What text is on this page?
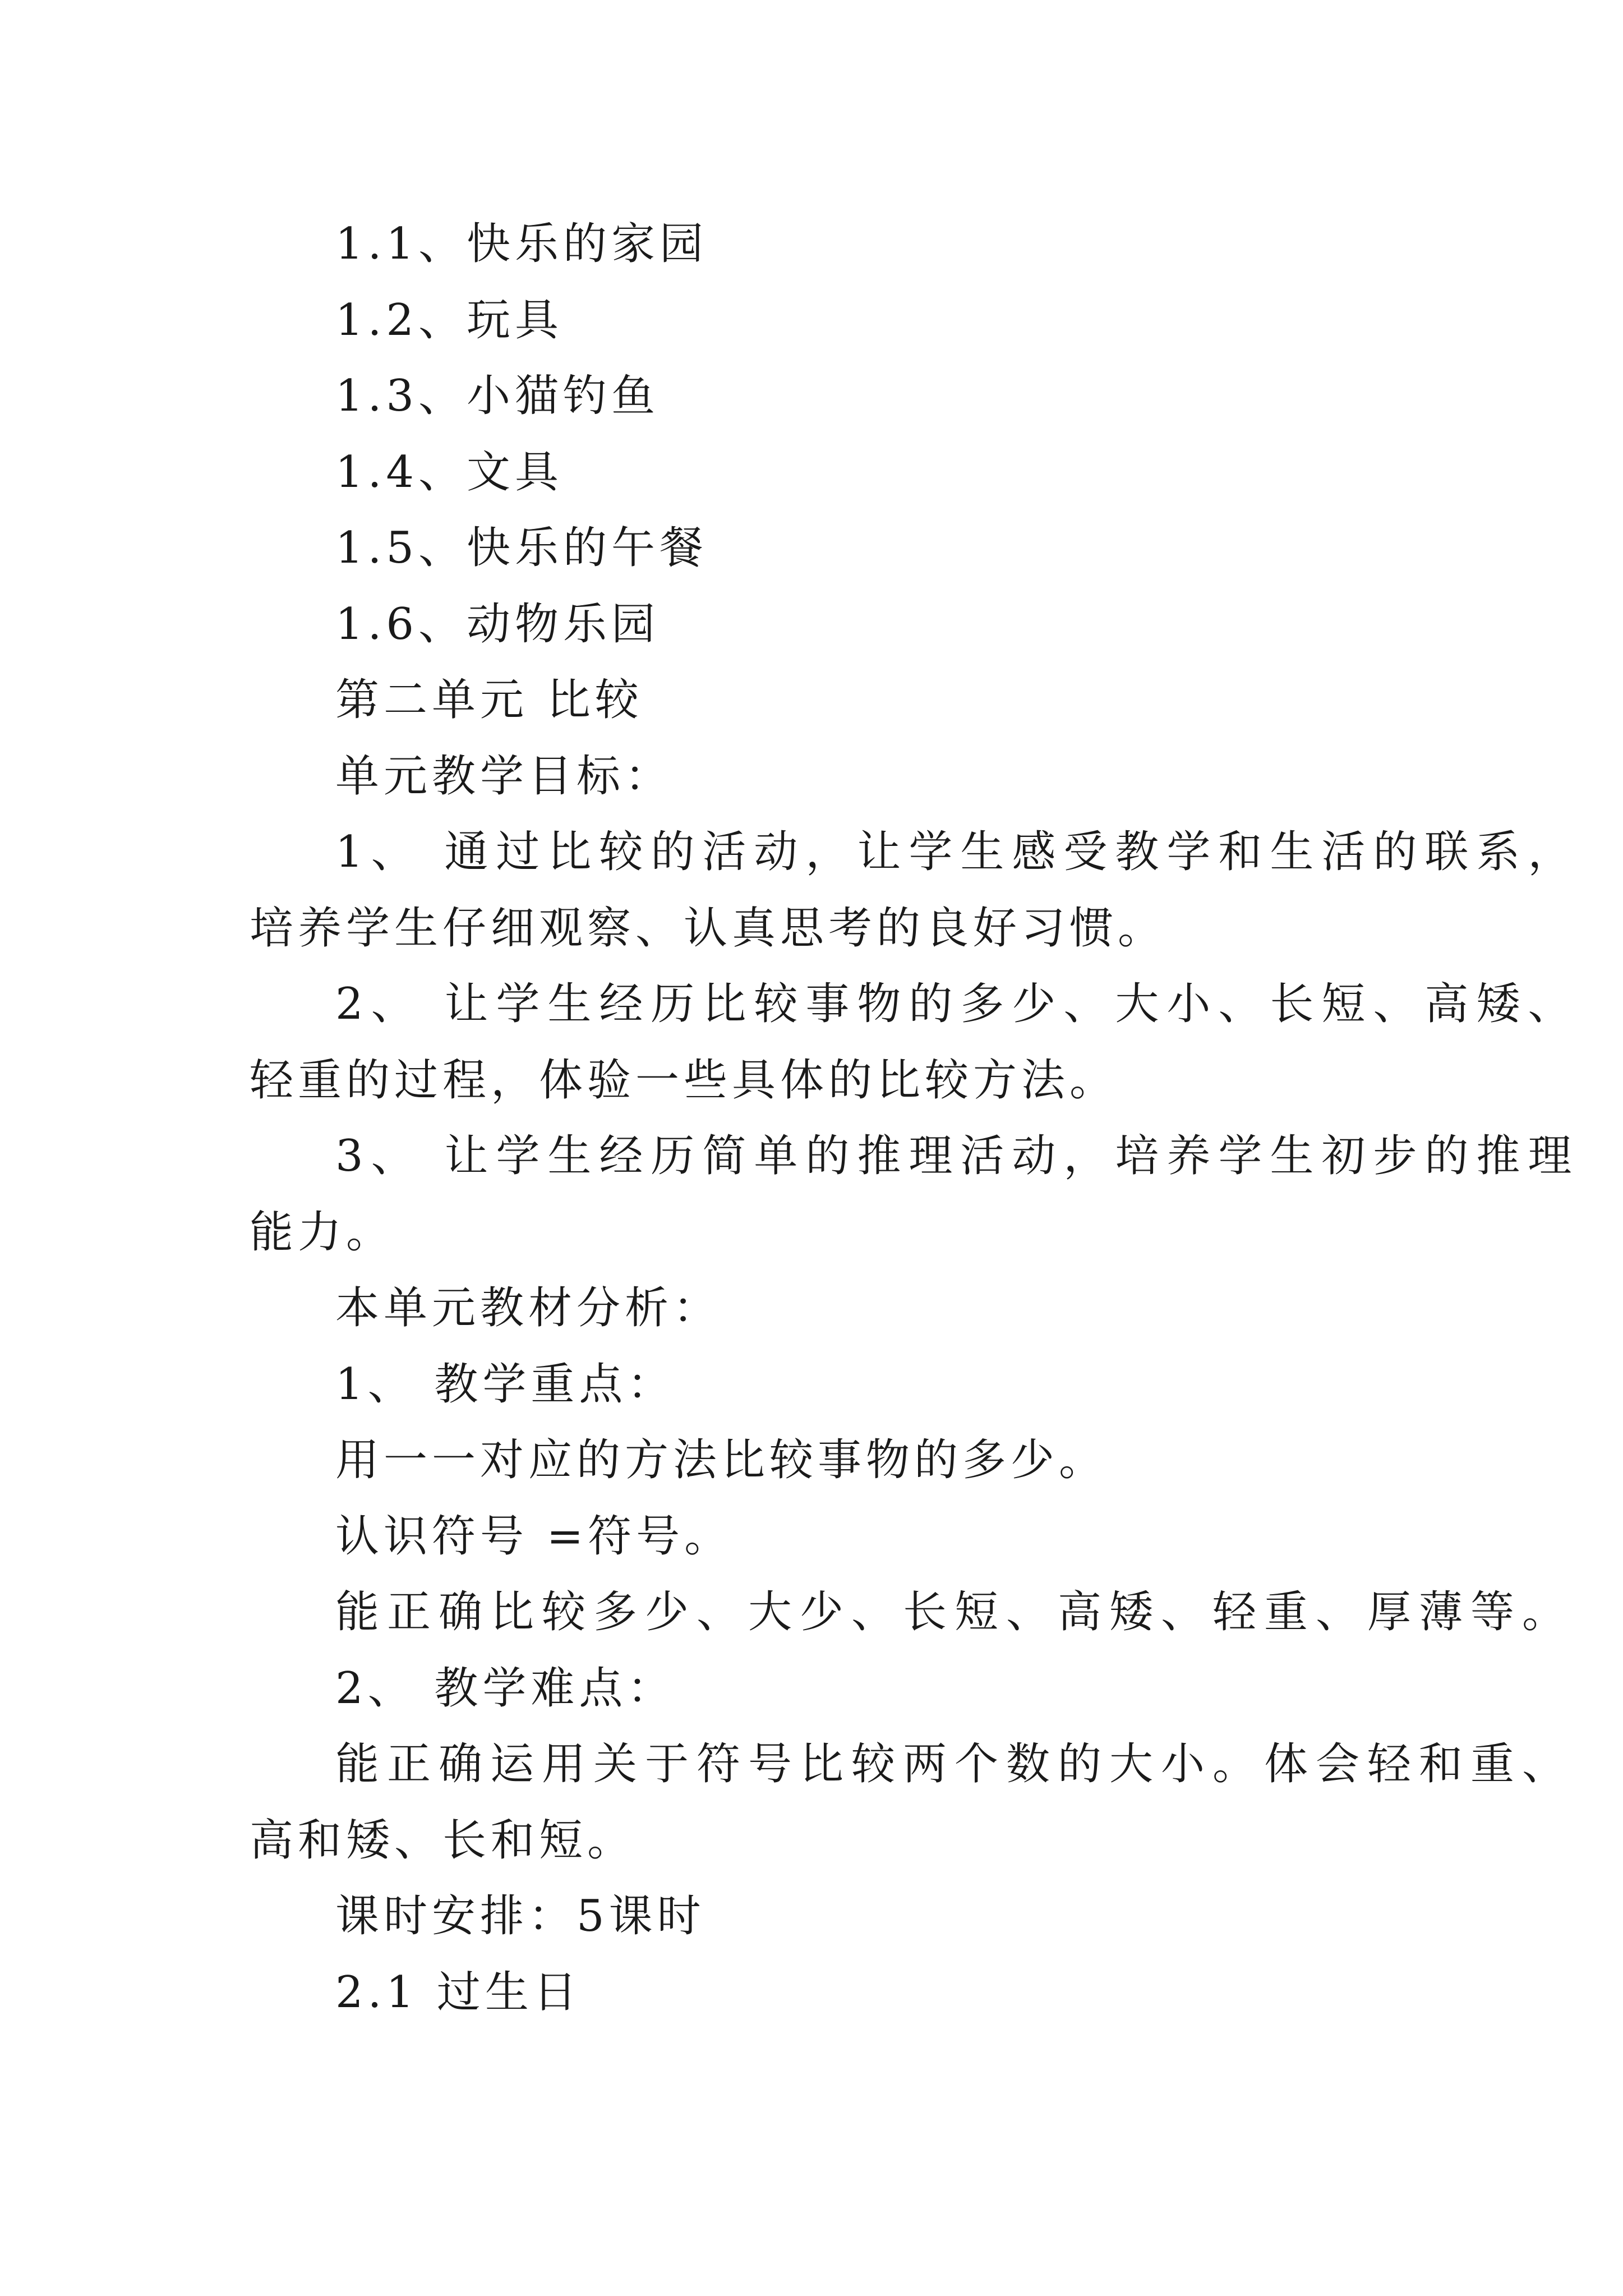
1.1、快乐的家园
1.2、玩具
1.3、小猫钓鱼
1.4、文具
1.5、快乐的午餐
1.6、动物乐园
第二单元 比较
单元教学目标：
1、 通过比较的活动，让学生感受教学和生活的联系，
培养学生仔细观察、认真思考的良好习惯。
2、 让学生经历比较事物的多少、大小、长短、高矮、
轻重的过程，体验一些具体的比较方法。
3、 让学生经历简单的推理活动，培养学生初步的推理
能力。
本单元教材分析：
1、 教学重点：
用一一对应的方法比较事物的多少。
认识符号 =符号。
能正确比较多少、大少、长短、高矮、轻重、厚薄等。
2、 教学难点：
能正确运用关于符号比较两个数的大小。体会轻和重、
高和矮、长和短。
课时安排：5课时
2.1 过生日
